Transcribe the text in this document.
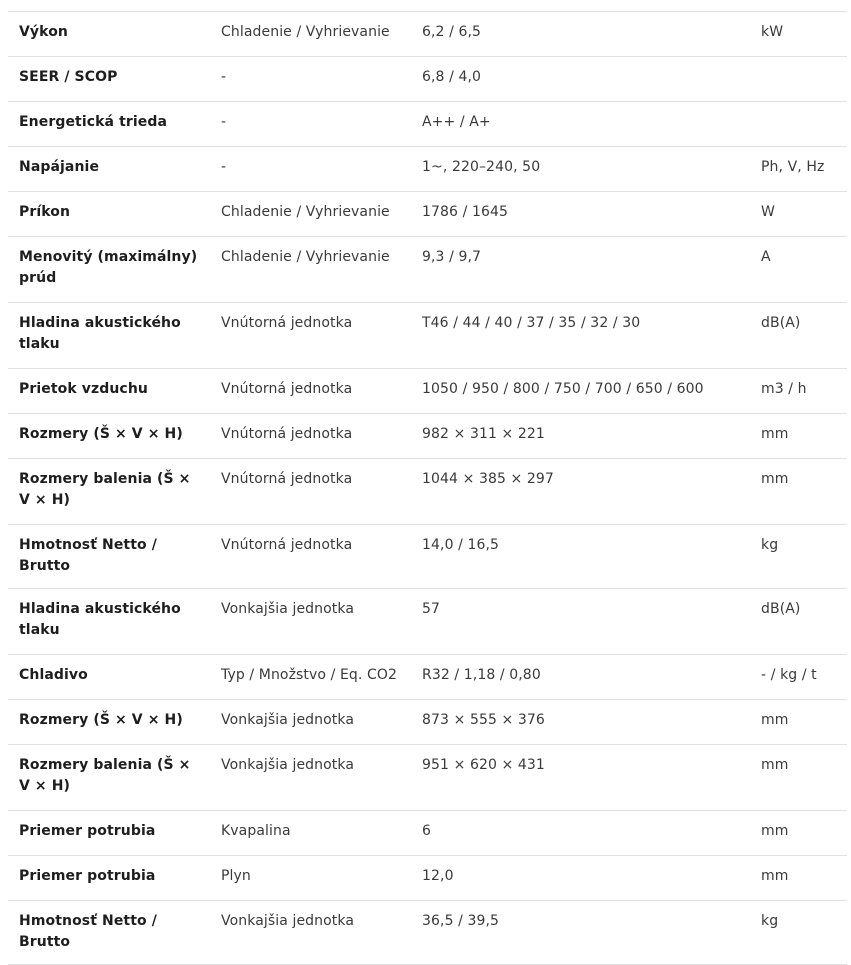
Výkon	Chladenie / Vyhrievanie	6,2 / 6,5	kW
SEER / SCOP	-	6,8 / 4,0	
Energetická trieda	-	A++ / A+	
Napájanie	-	1~, 220–240, 50	Ph, V, Hz
Príkon	Chladenie / Vyhrievanie	1786 / 1645	W
Menovitý (maximálny) prúd	Chladenie / Vyhrievanie	9,3 / 9,7	A
Hladina akustického tlaku	Vnútorná jednotka	T46 / 44 / 40 / 37 / 35 / 32 / 30	dB(A)
Prietok vzduchu	Vnútorná jednotka	1050 / 950 / 800 / 750 / 700 / 650 / 600	m3 / h
Rozmery (Š × V × H)	Vnútorná jednotka	982 × 311 × 221	mm
Rozmery balenia (Š × V × H)	Vnútorná jednotka	1044 × 385 × 297	mm
Hmotnosť Netto / Brutto	Vnútorná jednotka	14,0 / 16,5	kg
Hladina akustického tlaku	Vonkajšia jednotka	57	dB(A)
Chladivo	Typ / Množstvo / Eq. CO2	R32 / 1,18 / 0,80	- / kg / t
Rozmery (Š × V × H)	Vonkajšia jednotka	873 × 555 × 376	mm
Rozmery balenia (Š × V × H)	Vonkajšia jednotka	951 × 620 × 431	mm
Priemer potrubia	Kvapalina	6	mm
Priemer potrubia	Plyn	12,0	mm
Hmotnosť Netto / Brutto	Vonkajšia jednotka	36,5 / 39,5	kg
